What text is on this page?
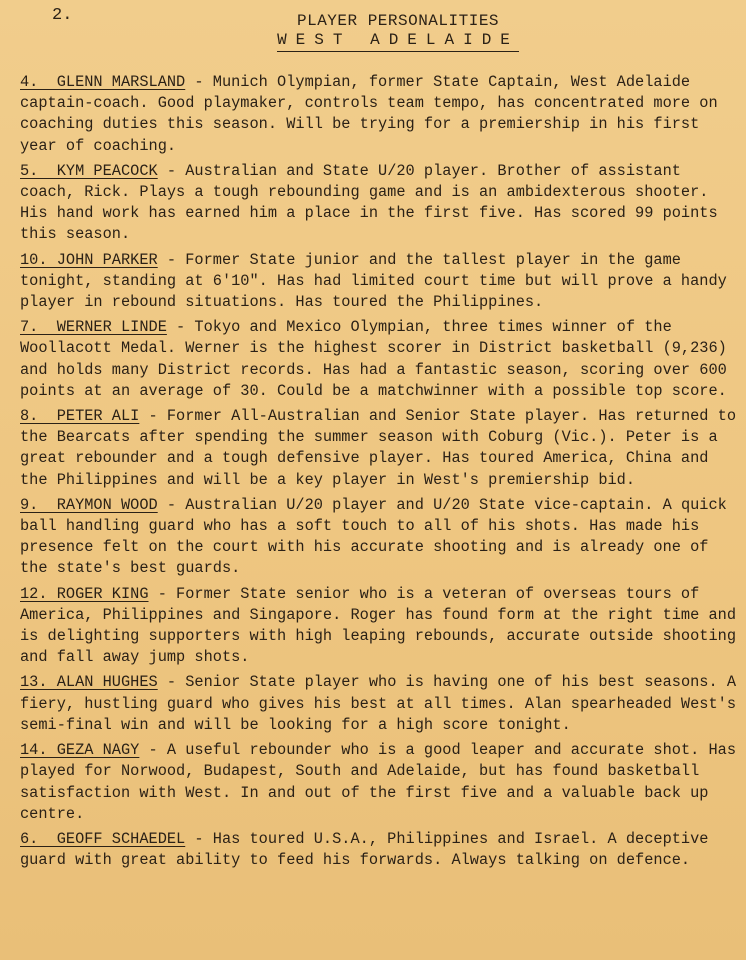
2.	PLAYER PERSONALITIES
WEST ADELAIDE
4.  GLENN MARSLAND - Munich Olympian, former State Captain, West Adelaide captain-coach. Good playmaker, controls team tempo, has concentrated more on coaching duties this season. Will be trying for a premiership in his first year of coaching.
5.  KYM PEACOCK - Australian and State U/20 player. Brother of assistant coach, Rick. Plays a tough rebounding game and is an ambidexterous shooter. His hand work has earned him a place in the first five. Has scored 99 points this season.
10. JOHN PARKER - Former State junior and the tallest player in the game tonight, standing at 6'10". Has had limited court time but will prove a handy player in rebound situations. Has toured the Philippines.
7.  WERNER LINDE - Tokyo and Mexico Olympian, three times winner of the Woollacott Medal. Werner is the highest scorer in District basketball (9,236) and holds many District records. Has had a fantastic season, scoring over 600 points at an average of 30. Could be a matchwinner with a possible top score.
8.  PETER ALI - Former All-Australian and Senior State player. Has returned to the Bearcats after spending the summer season with Coburg (Vic.). Peter is a great rebounder and a tough defensive player. Has toured America, China and the Philippines and will be a key player in West's premiership bid.
9.  RAYMON WOOD - Australian U/20 player and U/20 State vice-captain. A quick ball handling guard who has a soft touch to all of his shots. Has made his presence felt on the court with his accurate shooting and is already one of the state's best guards.
12. ROGER KING - Former State senior who is a veteran of overseas tours of America, Philippines and Singapore. Roger has found form at the right time and is delighting supporters with high leaping rebounds, accurate outside shooting and fall away jump shots.
13. ALAN HUGHES - Senior State player who is having one of his best seasons. A fiery, hustling guard who gives his best at all times. Alan spearheaded West's semi-final win and will be looking for a high score tonight.
14. GEZA NAGY - A useful rebounder who is a good leaper and accurate shot. Has played for Norwood, Budapest, South and Adelaide, but has found basketball satisfaction with West. In and out of the first five and a valuable back up centre.
6.  GEOFF SCHAEDEL - Has toured U.S.A., Philippines and Israel. A deceptive guard with great ability to feed his forwards. Always talking on defence.
